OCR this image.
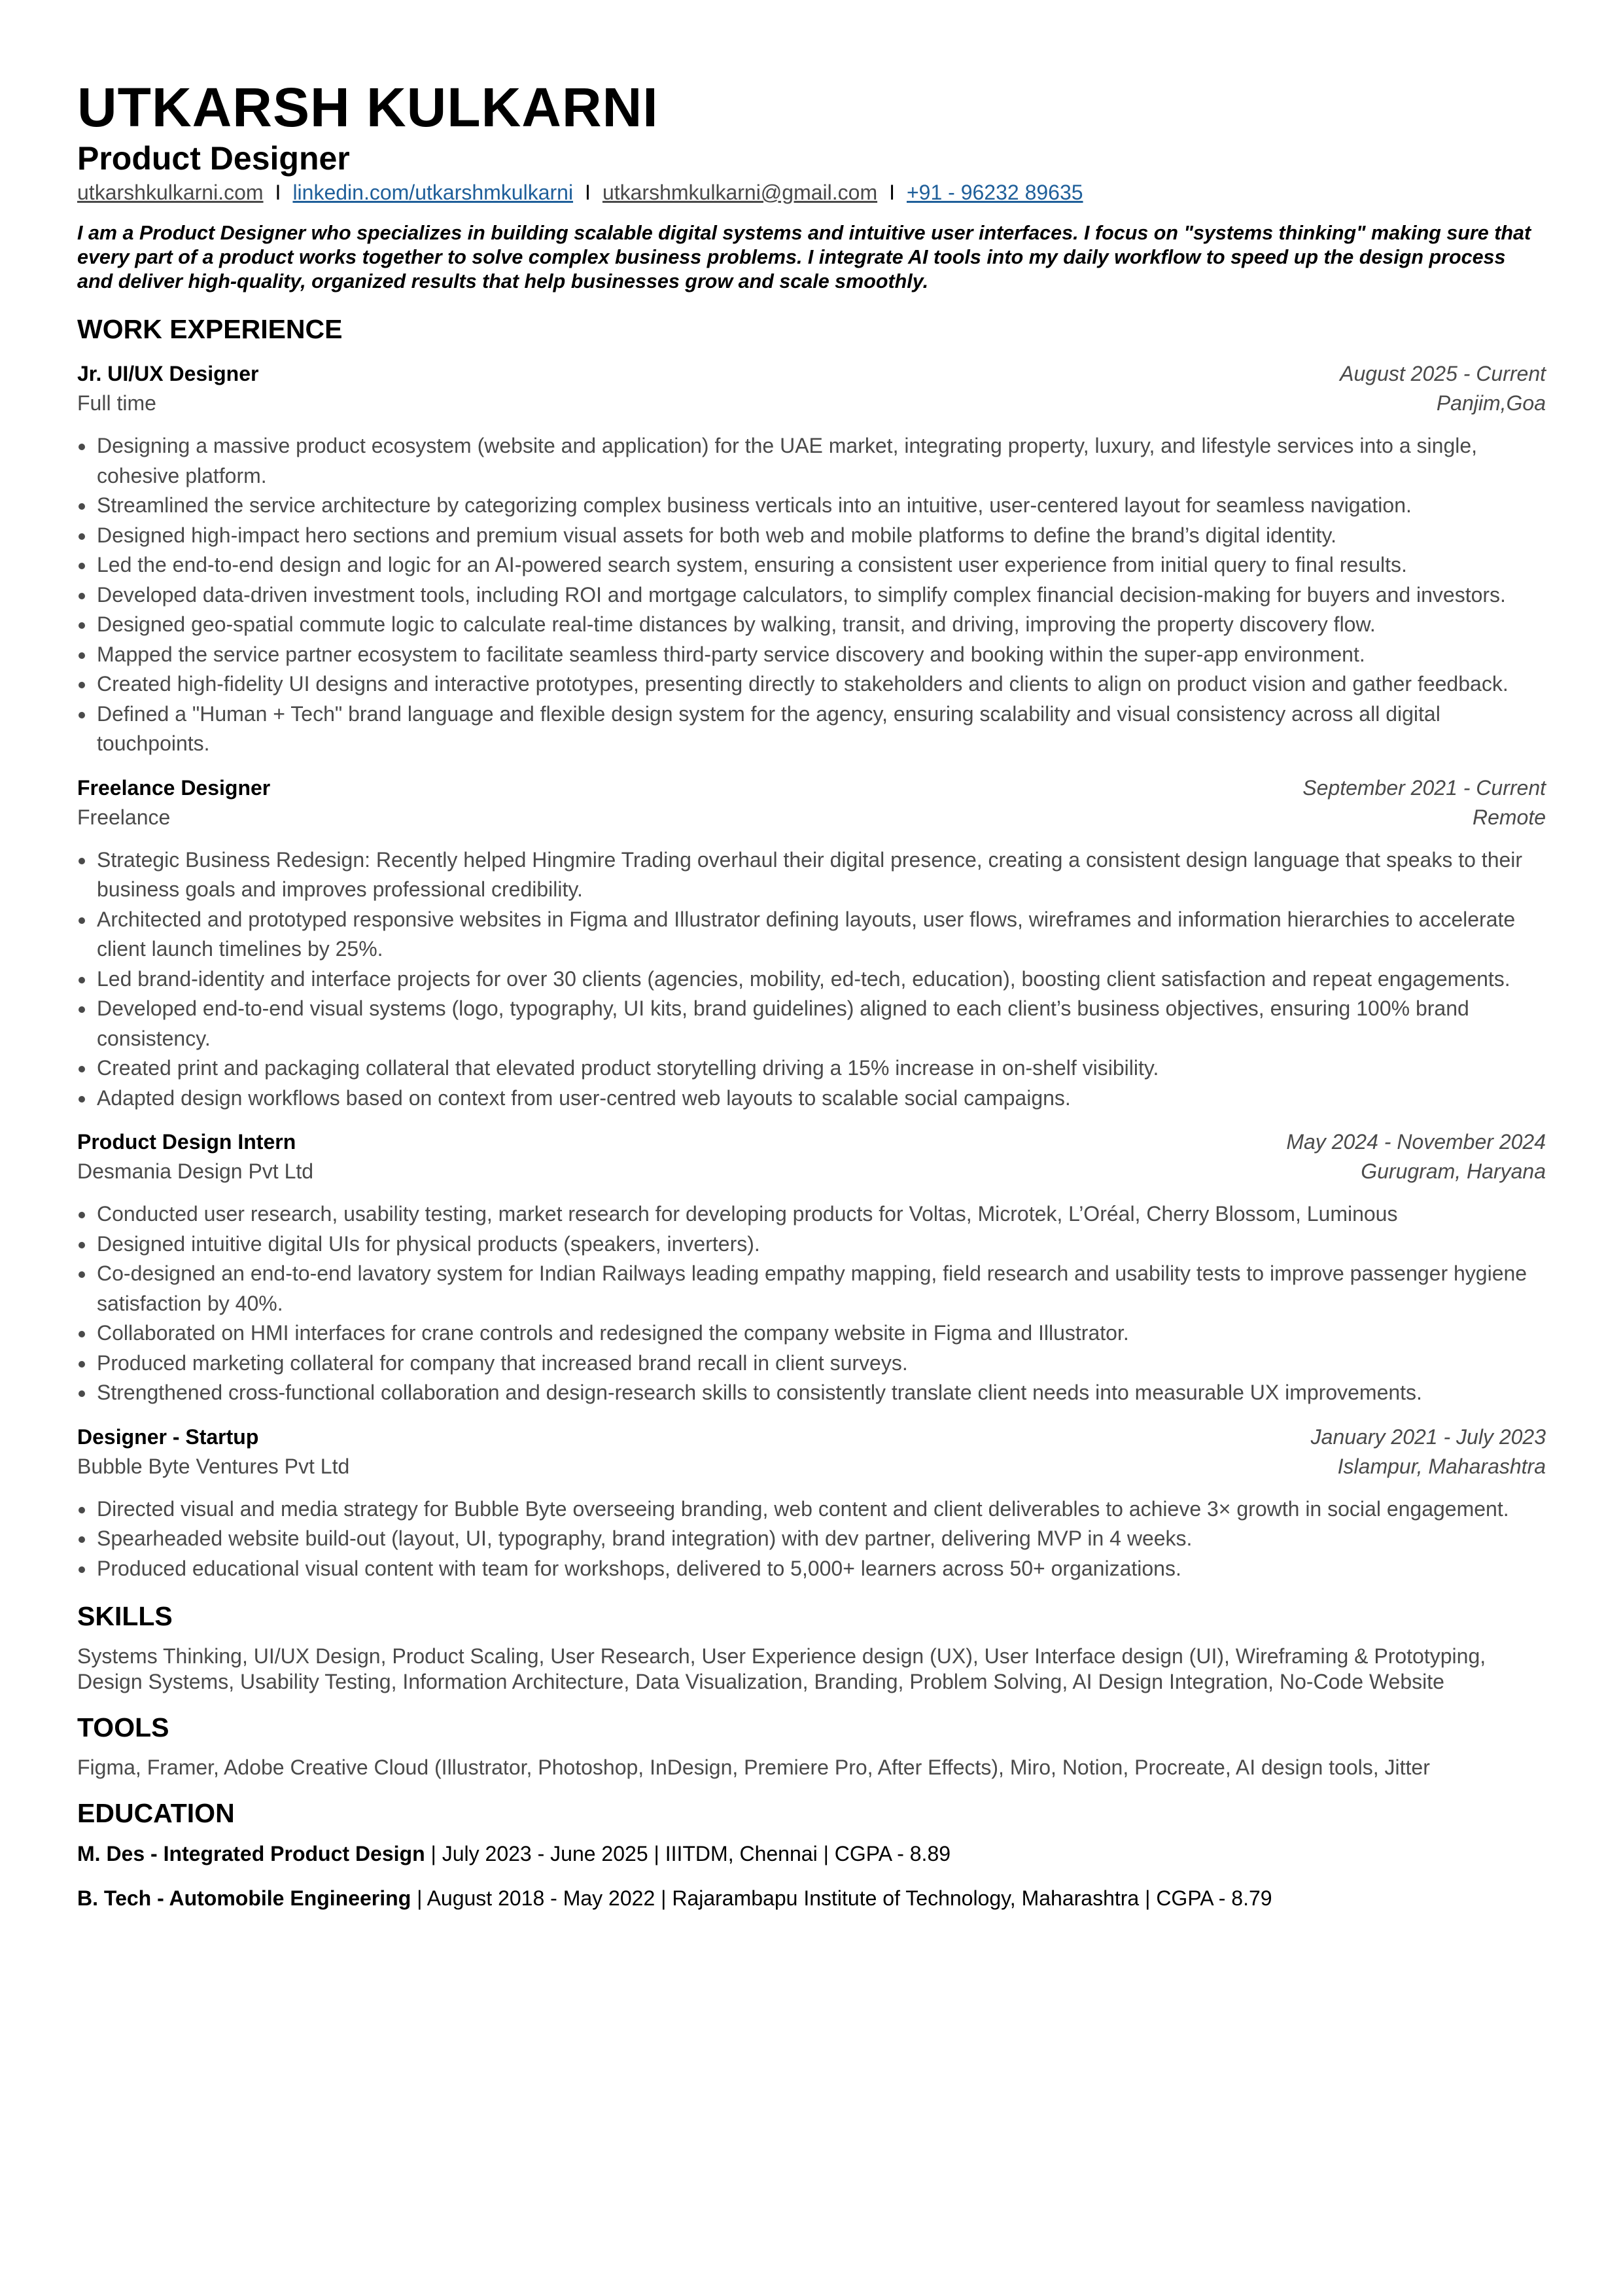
UTKARSH KULKARNI
Product Designer
utkarshkulkarni.com I linkedin.com/utkarshmkulkarni I utkarshmkulkarni@gmail.com I +91 - 96232 89635
I am a Product Designer who specializes in building scalable digital systems and intuitive user interfaces. I focus on "systems thinking" making sure that every part of a product works together to solve complex business problems. I integrate AI tools into my daily workflow to speed up the design process and deliver high-quality, organized results that help businesses grow and scale smoothly.
WORK EXPERIENCE
Jr. UI/UX Designer	August 2025 - Current
Full time	Panjim,Goa
Designing a massive product ecosystem (website and application) for the UAE market, integrating property, luxury, and lifestyle services into a single, cohesive platform.
Streamlined the service architecture by categorizing complex business verticals into an intuitive, user-centered layout for seamless navigation.
Designed high-impact hero sections and premium visual assets for both web and mobile platforms to define the brand’s digital identity.
Led the end-to-end design and logic for an AI-powered search system, ensuring a consistent user experience from initial query to final results.
Developed data-driven investment tools, including ROI and mortgage calculators, to simplify complex financial decision-making for buyers and investors.
Designed geo-spatial commute logic to calculate real-time distances by walking, transit, and driving, improving the property discovery flow.
Mapped the service partner ecosystem to facilitate seamless third-party service discovery and booking within the super-app environment.
Created high-fidelity UI designs and interactive prototypes, presenting directly to stakeholders and clients to align on product vision and gather feedback.
Defined a "Human + Tech" brand language and flexible design system for the agency, ensuring scalability and visual consistency across all digital touchpoints.
Freelance Designer	September 2021 - Current
Freelance	Remote
Strategic Business Redesign: Recently helped Hingmire Trading overhaul their digital presence, creating a consistent design language that speaks to their business goals and improves professional credibility.
Architected and prototyped responsive websites in Figma and Illustrator defining layouts, user flows, wireframes and information hierarchies to accelerate client launch timelines by 25%.
Led brand-identity and interface projects for over 30 clients (agencies, mobility, ed-tech, education), boosting client satisfaction and repeat engagements.
Developed end-to-end visual systems (logo, typography, UI kits, brand guidelines) aligned to each client’s business objectives, ensuring 100% brand consistency.
Created print and packaging collateral that elevated product storytelling driving a 15% increase in on-shelf visibility.
Adapted design workflows based on context from user-centred web layouts to scalable social campaigns.
Product Design Intern	May 2024 - November 2024
Desmania Design Pvt Ltd	Gurugram, Haryana
Conducted user research, usability testing, market research for developing products for Voltas, Microtek, L’Oréal, Cherry Blossom, Luminous
Designed intuitive digital UIs for physical products (speakers, inverters).
Co-designed an end-to-end lavatory system for Indian Railways leading empathy mapping, field research and usability tests to improve passenger hygiene satisfaction by 40%.
Collaborated on HMI interfaces for crane controls and redesigned the company website in Figma and Illustrator.
Produced marketing collateral for company that increased brand recall in client surveys.
Strengthened cross-functional collaboration and design-research skills to consistently translate client needs into measurable UX improvements.
Designer - Startup	January 2021 - July 2023
Bubble Byte Ventures Pvt Ltd	Islampur, Maharashtra
Directed visual and media strategy for Bubble Byte overseeing branding, web content and client deliverables to achieve 3× growth in social engagement.
Spearheaded website build-out (layout, UI, typography, brand integration) with dev partner, delivering MVP in 4 weeks.
Produced educational visual content with team for workshops, delivered to 5,000+ learners across 50+ organizations.
SKILLS
Systems Thinking, UI/UX Design, Product Scaling, User Research, User Experience design (UX), User Interface design (UI), Wireframing & Prototyping, Design Systems, Usability Testing, Information Architecture, Data Visualization, Branding, Problem Solving, AI Design Integration, No-Code Website
TOOLS
Figma, Framer, Adobe Creative Cloud (Illustrator, Photoshop, InDesign, Premiere Pro, After Effects), Miro, Notion, Procreate, AI design tools, Jitter
EDUCATION
M. Des - Integrated Product Design | July 2023 - June 2025 | IIITDM, Chennai | CGPA - 8.89
B. Tech - Automobile Engineering | August 2018 - May 2022 | Rajarambapu Institute of Technology, Maharashtra | CGPA - 8.79
